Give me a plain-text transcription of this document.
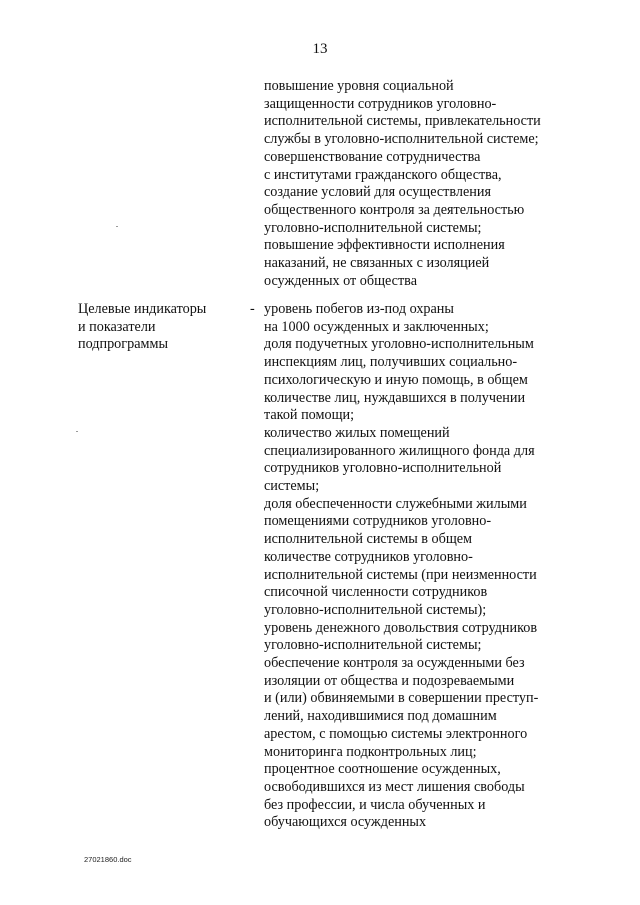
13
повышение уровня социальной
защищенности сотрудников уголовно-
исполнительной системы, привлекательности
службы в уголовно-исполнительной системе;
совершенствование сотрудничества
с институтами гражданского общества,
создание условий для осуществления
общественного контроля за деятельностью
уголовно-исполнительной системы;
повышение эффективности исполнения
наказаний, не связанных с изоляцией
осужденных от общества
Целевые индикаторы
и показатели
подпрограммы
- уровень побегов из-под охраны
на 1000 осужденных и заключенных;
доля подучетных уголовно-исполнительным
инспекциям лиц, получивших социально-
психологическую и иную помощь, в общем
количестве лиц, нуждавшихся в получении
такой помощи;
количество жилых помещений
специализированного жилищного фонда для
сотрудников уголовно-исполнительной
системы;
доля обеспеченности служебными жилыми
помещениями сотрудников уголовно-
исполнительной системы в общем
количестве сотрудников уголовно-
исполнительной системы (при неизменности
списочной численности сотрудников
уголовно-исполнительной системы);
уровень денежного довольствия сотрудников
уголовно-исполнительной системы;
обеспечение контроля за осужденными без
изоляции от общества и подозреваемыми
и (или) обвиняемыми в совершении преступ-
лений, находившимися под домашним
арестом, с помощью системы электронного
мониторинга подконтрольных лиц;
процентное соотношение осужденных,
освободившихся из мест лишения свободы
без профессии, и числа обученных и
обучающихся осужденных
27021860.doc
